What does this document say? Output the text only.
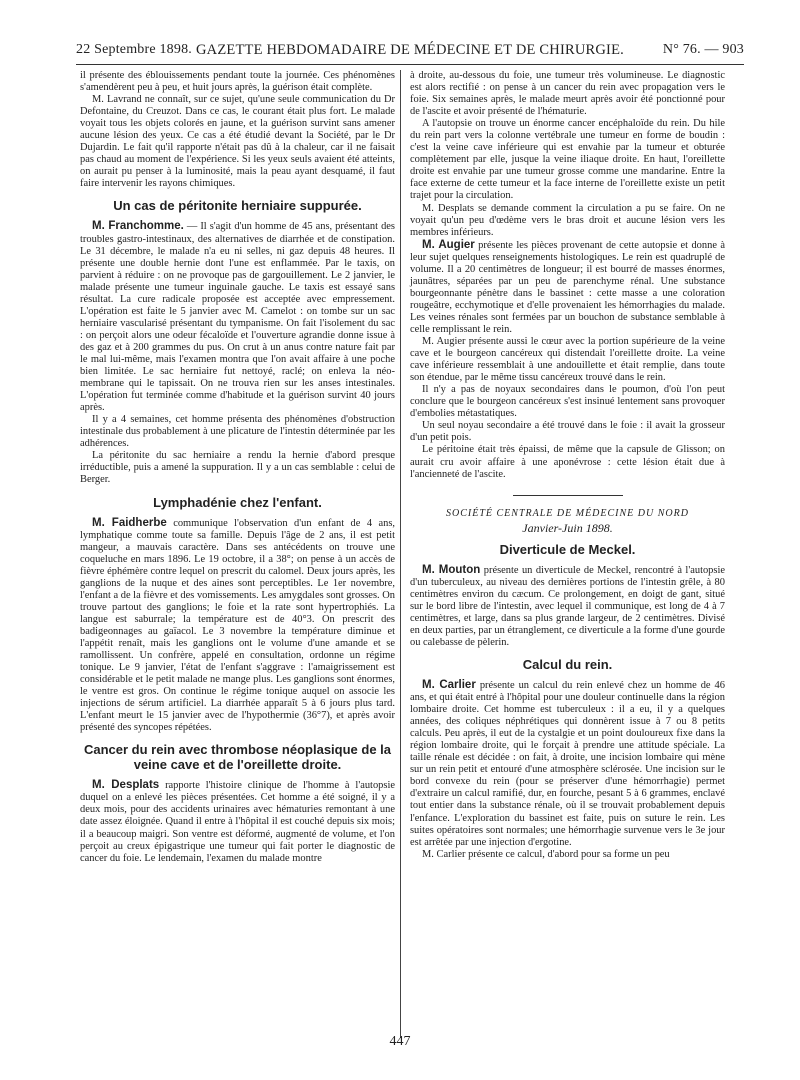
22 Septembre 1898. GAZETTE HEBDOMADAIRE DE MÉDECINE ET DE CHIRURGIE.	N° 76. — 903

il présente des éblouissements pendant toute la journée. Ces phénomènes s'amendèrent peu à peu, et huit jours après, la guérison était complète.

M. Lavrand ne connaît, sur ce sujet, qu'une seule communication du Dr Defontaine, du Creuzot. Dans ce cas, le courant était plus fort. Le malade voyait tous les objets colorés en jaune, et la guérison survint sans amener aucune lésion des yeux. Ce cas a été étudié devant la Société, par le Dr Dujardin. Le fait qu'il rapporte n'était pas dû à la chaleur, car il ne faisait pas chaud au moment de l'expérience. Si les yeux seuls avaient été atteints, on aurait pu penser à la luminosité, mais la peau ayant desquamé, il faut faire intervenir les rayons chimiques.

Un cas de péritonite herniaire suppurée.

M. Franchomme. — Il s'agit d'un homme de 45 ans, présentant des troubles gastro-intestinaux, des alternatives de diarrhée et de constipation. Le 31 décembre, le malade n'a eu ni selles, ni gaz depuis 48 heures. Il présente une double hernie dont l'une est enflammée. Par le taxis, on parvient à réduire : on ne provoque pas de gargouillement. Le 2 janvier, le malade présente une tumeur inguinale gauche. Le taxis est essayé sans résultat. La cure radicale proposée est acceptée avec empressement. L'opération est faite le 5 janvier avec M. Camelot : on tombe sur un sac herniaire vascularisé présentant du tympanisme. On fait l'isolement du sac : on perçoit alors une odeur fécaloïde et l'ouverture agrandie donne issue à des gaz et à 200 grammes du pus. On crut à un anus contre nature fait par le mal lui-même, mais l'examen montra que l'on avait affaire à une poche bien limitée. Le sac herniaire fut nettoyé, raclé; on enleva la néo-membrane qui le tapissait. On ne trouva rien sur les anses intestinales. L'opération fut terminée comme d'habitude et la guérison survint 40 jours après.

Il y a 4 semaines, cet homme présenta des phénomènes d'obstruction intestinale dus probablement à une plicature de l'intestin déterminée par les adhérences.

La péritonite du sac herniaire a rendu la hernie d'abord presque irréductible, puis a amené la suppuration. Il y a un cas semblable : celui de Berger.

Lymphadénie chez l'enfant.

M. Faidherbe communique l'observation d'un enfant de 4 ans, lymphatique comme toute sa famille. Depuis l'âge de 2 ans, il est petit mangeur, a mauvais caractère. Dans ses antécédents on trouve une coqueluche en mars 1896. Le 19 octobre, il a 38°; on pense à un accès de fièvre éphémère contre lequel on prescrit du calomel. Deux jours après, les ganglions de la nuque et des aines sont perceptibles. Le 1er novembre, l'enfant a de la fièvre et des vomissements. Les amygdales sont grosses. On trouve partout des ganglions; le foie et la rate sont hypertrophiés. La langue est saburrale; la température est de 40°3. On prescrit des badigeonnages au gaïacol. Le 3 novembre la température diminue et l'appétit renaît, mais les ganglions ont le volume d'une amande et se ramollissent. Un confrère, appelé en consultation, ordonne un régime tonique. Le 9 janvier, l'état de l'enfant s'aggrave : l'amaigrissement est considérable et le petit malade ne mange plus. Les ganglions sont énormes, le ventre est gros. On continue le régime tonique auquel on associe les injections de sérum artificiel. La diarrhée apparaît 5 à 6 jours plus tard. L'enfant meurt le 15 janvier avec de l'hypothermie (36°7), et après avoir présenté des syncopes répétées.

Cancer du rein avec thrombose néoplasique de la veine cave et de l'oreillette droite.

M. Desplats rapporte l'histoire clinique de l'homme à l'autopsie duquel on a enlevé les pièces présentées. Cet homme a été soigné, il y a deux mois, pour des accidents urinaires avec hématuries remontant à une date assez éloignée. Quand il entre à l'hôpital il est couché depuis six mois; il a beaucoup maigri. Son ventre est déformé, augmenté de volume, et l'on perçoit au creux épigastrique une tumeur qui fait porter le diagnostic de cancer du foie. Le lendemain, l'examen du malade montre

à droite, au-dessous du foie, une tumeur très volumineuse. Le diagnostic est alors rectifié : on pense à un cancer du rein avec propagation vers le foie. Six semaines après, le malade meurt après avoir été ponctionné pour de l'ascite et avoir présenté de l'hématurie.

A l'autopsie on trouve un énorme cancer encéphaloïde du rein. Du hile du rein part vers la colonne vertébrale une tumeur en forme de boudin : c'est la veine cave inférieure qui est envahie par la tumeur et obturée complètement par elle, jusque la veine iliaque droite. En haut, l'oreillette droite est envahie par une tumeur grosse comme une mandarine. Entre la face externe de cette tumeur et la face interne de l'oreillette existe un petit trajet pour la circulation.

M. Desplats se demande comment la circulation a pu se faire. On ne voyait qu'un peu d'œdème vers le bras droit et aucune lésion vers les membres inférieurs.

M. Augier présente les pièces provenant de cette autopsie et donne à leur sujet quelques renseignements histologiques. Le rein est quadruplé de volume. Il a 20 centimètres de longueur; il est bourré de masses énormes, jaunâtres, séparées par un peu de parenchyme rénal. Une substance bourgeonnante pénètre dans le bassinet : cette masse a une coloration rougeâtre, ecchymotique et d'elle provenaient les hémorrhagies du malade. Les veines rénales sont fermées par un bouchon de substance semblable à celle remplissant le rein.

M. Augier présente aussi le cœur avec la portion supérieure de la veine cave et le bourgeon cancéreux qui distendait l'oreillette droite. La veine cave inférieure ressemblait à une andouillette et était remplie, dans toute son étendue, par le même tissu cancéreux trouvé dans le rein.

Il n'y a pas de noyaux secondaires dans le poumon, d'où l'on peut conclure que le bourgeon cancéreux s'est insinué lentement sans provoquer d'embolies métastatiques.

Un seul noyau secondaire a été trouvé dans le foie : il avait la grosseur d'un petit pois.

Le péritoine était très épaissi, de même que la capsule de Glisson; on aurait cru avoir affaire à une aponévrose : cette lésion était due à l'ancienneté de l'ascite.

SOCIÉTÉ CENTRALE DE MÉDECINE DU NORD
Janvier-Juin 1898.
Diverticule de Meckel.

M. Mouton présente un diverticule de Meckel, rencontré à l'autopsie d'un tuberculeux, au niveau des dernières portions de l'intestin grêle, à 80 centimètres environ du cæcum. Ce prolongement, en doigt de gant, situé sur le bord libre de l'intestin, avec lequel il communique, est long de 4 à 7 centimètres, et large, dans sa plus grande largeur, de 2 centimètres. Divisé en deux parties, par un étranglement, ce diverticule a la forme d'une gourde ou calebasse de pèlerin.

Calcul du rein.

M. Carlier présente un calcul du rein enlevé chez un homme de 46 ans, et qui était entré à l'hôpital pour une douleur continuelle dans la région lombaire droite. Cet homme est tuberculeux : il a eu, il y a quelques années, des coliques néphrétiques qui donnèrent issue à 7 ou 8 petits calculs. Peu après, il eut de la cystalgie et un point douloureux fixe dans la région lombaire droite, qui le forçait à prendre une attitude spéciale. La taille rénale est décidée : on fait, à droite, une incision lombaire qui mène sur un rein petit et entouré d'une atmosphère sclérosée. Une incision sur le bord convexe du rein (pour se préserver d'une hémorrhagie) permet d'extraire un calcul ramifié, dur, en fourche, pesant 5 à 6 grammes, enclavé tout entier dans la substance rénale, où il se trouvait probablement depuis l'enfance. L'exploration du bassinet est faite, puis on suture le rein. Les suites opératoires sont normales; une hémorrhagie survenue vers le 3e jour est arrêtée par une injection d'ergotine.

M. Carlier présente ce calcul, d'abord pour sa forme un peu

447
